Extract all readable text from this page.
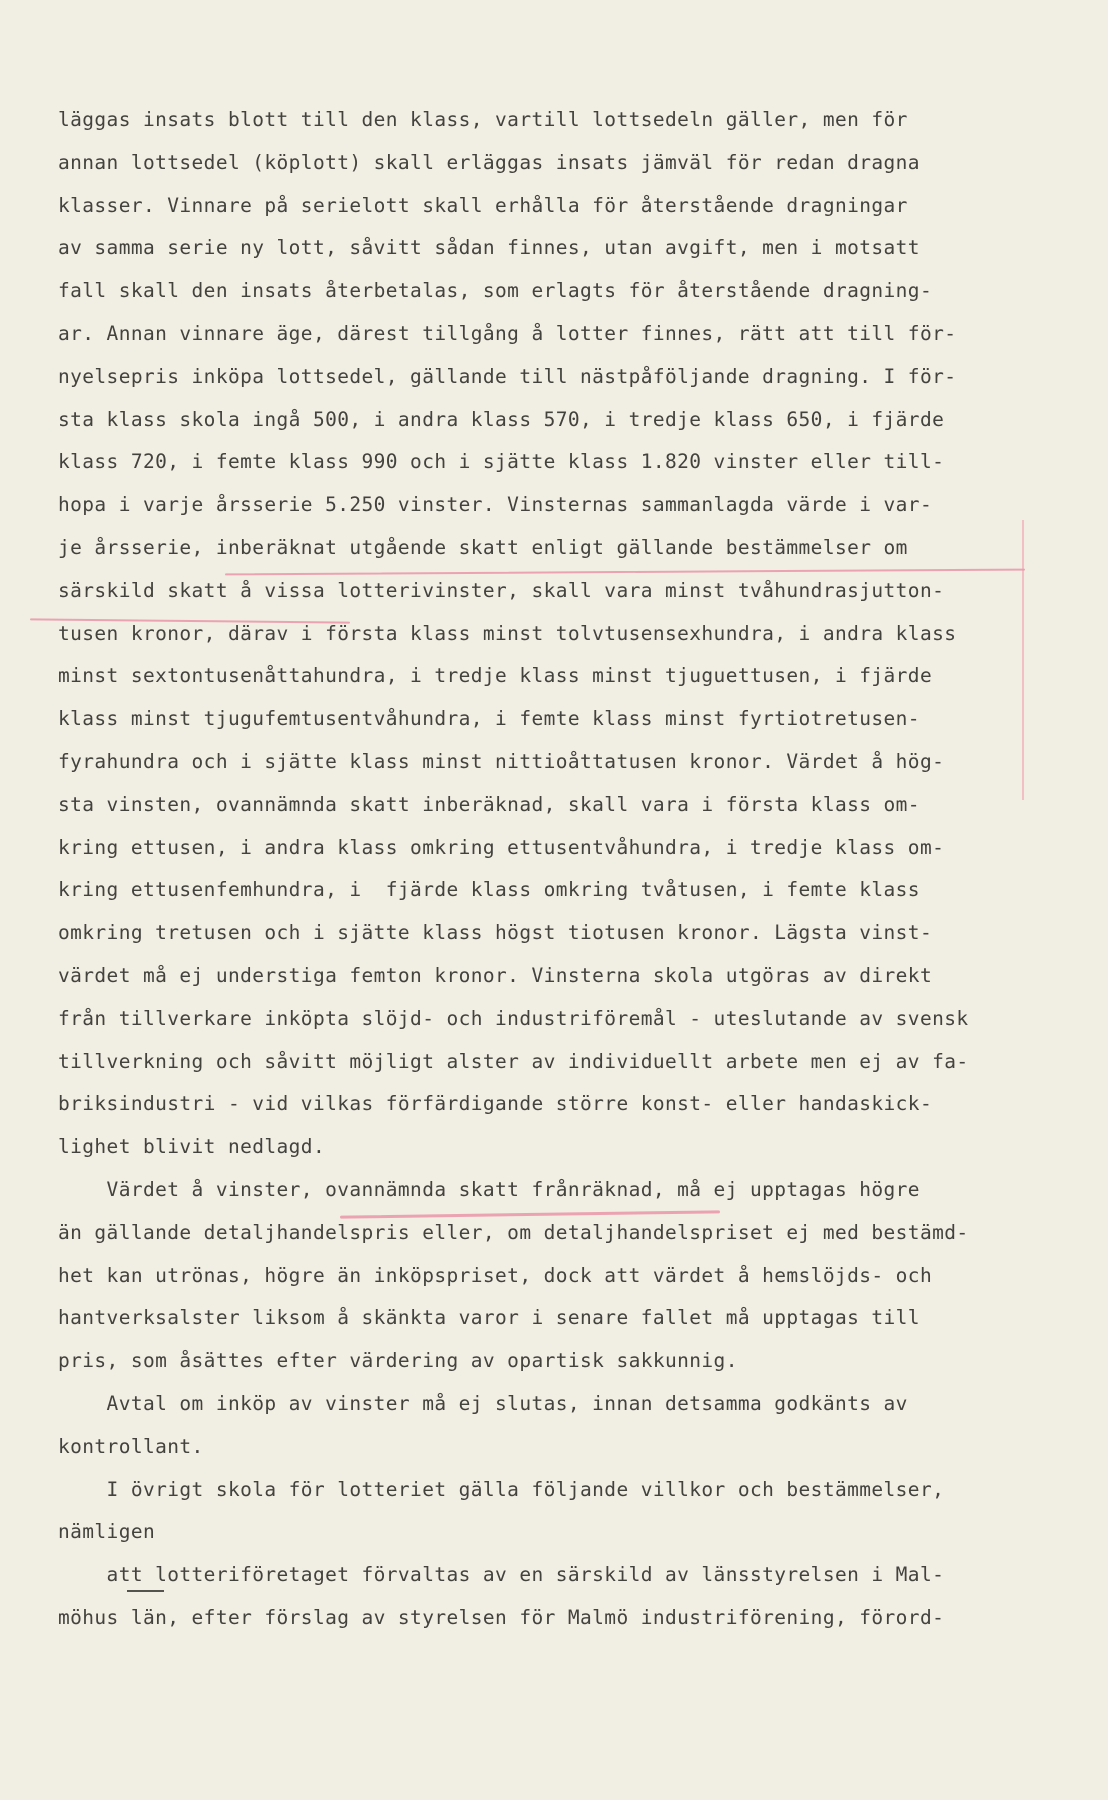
läggas insats blott till den klass, vartill lottsedeln gäller, men för
annan lottsedel (köplott) skall erläggas insats jämväl för redan dragna
klasser. Vinnare på serielott skall erhålla för återstående dragningar
av samma serie ny lott, såvitt sådan finnes, utan avgift, men i motsatt
fall skall den insats återbetalas, som erlagts för återstående dragning-
ar. Annan vinnare äge, därest tillgång å lotter finnes, rätt att till för-
nyelsepris inköpa lottsedel, gällande till nästpåföljande dragning. I för-
sta klass skola ingå 500, i andra klass 570, i tredje klass 650, i fjärde
klass 720, i femte klass 990 och i sjätte klass 1.820 vinster eller till-
hopa i varje årsserie 5.250 vinster. Vinsternas sammanlagda värde i var-
je årsserie, inberäknat utgående skatt enligt gällande bestämmelser om
särskild skatt å vissa lotterivinster, skall vara minst tvåhundrasjutton-
tusen kronor, därav i första klass minst tolvtusensexhundra, i andra klass
minst sextontusenåttahundra, i tredje klass minst tjuguettusen, i fjärde
klass minst tjugufemtusentvåhundra, i femte klass minst fyrtiotretusen-
fyrahundra och i sjätte klass minst nittioåttatusen kronor. Värdet å hög-
sta vinsten, ovannämnda skatt inberäknad, skall vara i första klass om-
kring ettusen, i andra klass omkring ettusentvåhundra, i tredje klass om-
kring ettusenfemhundra, i  fjärde klass omkring tvåtusen, i femte klass
omkring tretusen och i sjätte klass högst tiotusen kronor. Lägsta vinst-
värdet må ej understiga femton kronor. Vinsterna skola utgöras av direkt
från tillverkare inköpta slöjd- och industriföremål - uteslutande av svensk
tillverkning och såvitt möjligt alster av individuellt arbete men ej av fa-
briksindustri - vid vilkas förfärdigande större konst- eller handaskick-
lighet blivit nedlagd.
Värdet å vinster, ovannämnda skatt frånräknad, må ej upptagas högre
än gällande detaljhandelspris eller, om detaljhandelspriset ej med bestämd-
het kan utrönas, högre än inköpspriset, dock att värdet å hemslöjds- och
hantverksalster liksom å skänkta varor i senare fallet må upptagas till
pris, som åsättes efter värdering av opartisk sakkunnig.
Avtal om inköp av vinster må ej slutas, innan detsamma godkänts av
kontrollant.
I övrigt skola för lotteriet gälla följande villkor och bestämmelser,
nämligen
att lotteriföretaget förvaltas av en särskild av länsstyrelsen i Mal-
möhus län, efter förslag av styrelsen för Malmö industriförening, förord-
